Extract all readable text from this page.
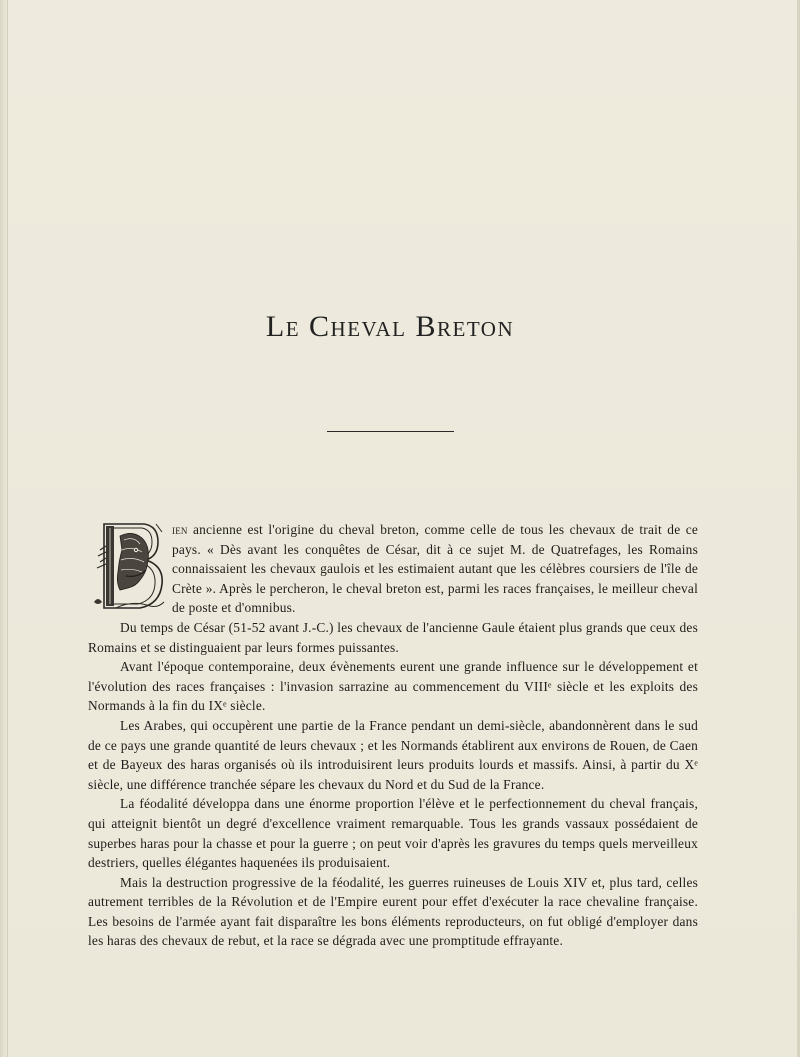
Le Cheval Breton

ien ancienne est l'origine du cheval breton, comme celle de tous les chevaux de trait de ce pays. « Dès avant les conquêtes de César, dit à ce sujet M. de Quatrefages, les Romains connaissaient les chevaux gaulois et les estimaient autant que les célèbres coursiers de l'île de Crète ». Après le percheron, le cheval breton est, parmi les races françaises, le meilleur cheval de poste et d'omnibus.

Du temps de César (51-52 avant J.-C.) les chevaux de l'ancienne Gaule étaient plus grands que ceux des Romains et se distinguaient par leurs formes puissantes.

Avant l'époque contemporaine, deux évènements eurent une grande influence sur le développement et l'évolution des races françaises : l'invasion sarrazine au commencement du VIIIᵉ siècle et les exploits des Normands à la fin du IXᵉ siècle.

Les Arabes, qui occupèrent une partie de la France pendant un demi-siècle, abandonnèrent dans le sud de ce pays une grande quantité de leurs chevaux ; et les Normands établirent aux environs de Rouen, de Caen et de Bayeux des haras organisés où ils introduisirent leurs produits lourds et massifs. Ainsi, à partir du Xᵉ siècle, une différence tranchée sépare les chevaux du Nord et du Sud de la France.

La féodalité développa dans une énorme proportion l'élève et le perfectionnement du cheval français, qui atteignit bientôt un degré d'excellence vraiment remarquable. Tous les grands vassaux possédaient de superbes haras pour la chasse et pour la guerre ; on peut voir d'après les gravures du temps quels merveilleux destriers, quelles élégantes haquenées ils produisaient.

Mais la destruction progressive de la féodalité, les guerres ruineuses de Louis XIV et, plus tard, celles autrement terribles de la Révolution et de l'Empire eurent pour effet d'exécuter la race chevaline française. Les besoins de l'armée ayant fait disparaître les bons éléments reproducteurs, on fut obligé d'employer dans les haras des chevaux de rebut, et la race se dégrada avec une promptitude effrayante.
